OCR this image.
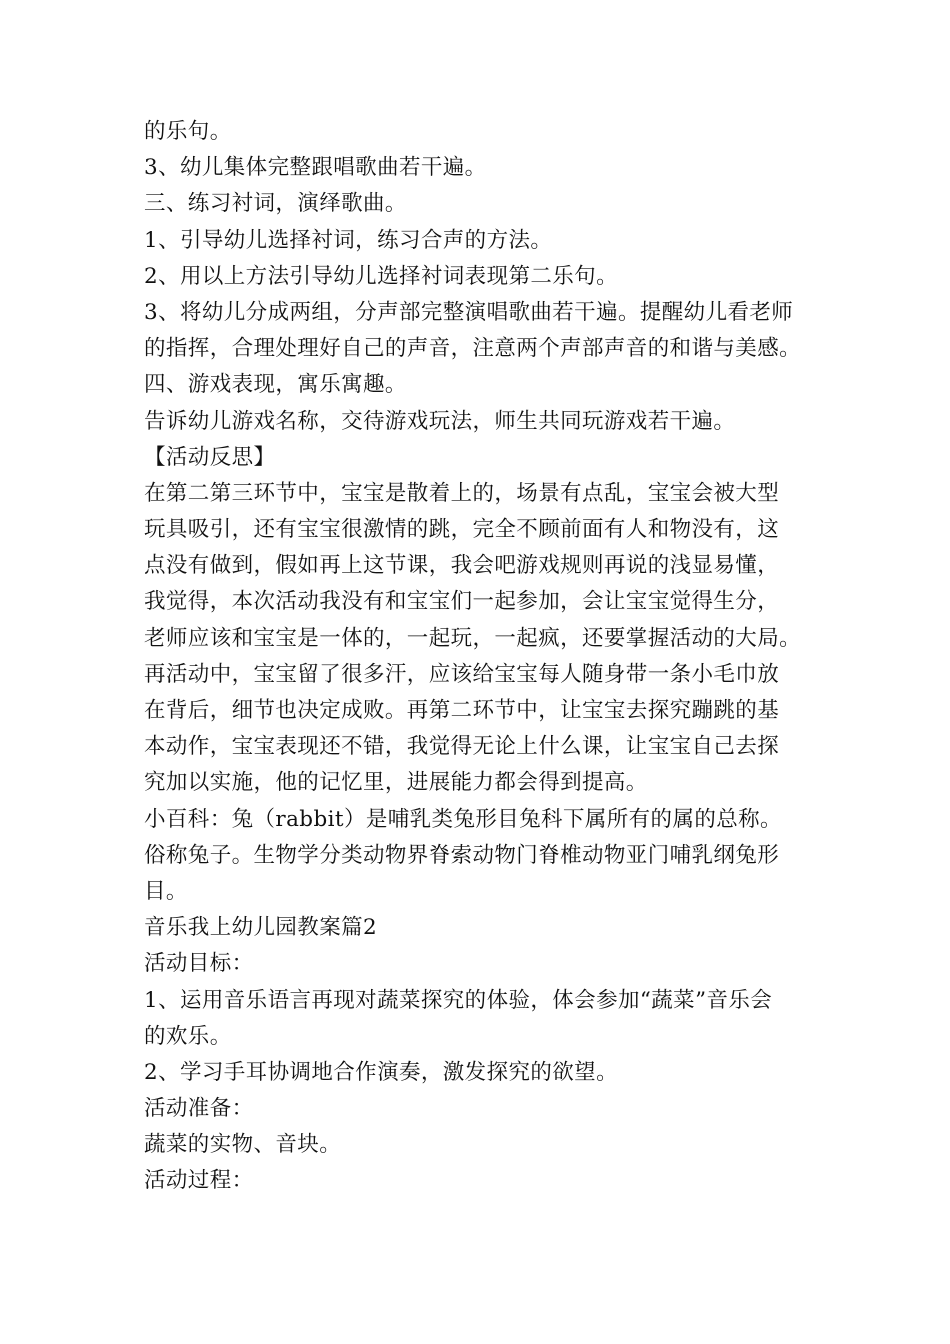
的乐句。
3、幼儿集体完整跟唱歌曲若干遍。
三、练习衬词，演绎歌曲。
1、引导幼儿选择衬词，练习合声的方法。
2、用以上方法引导幼儿选择衬词表现第二乐句。
3、将幼儿分成两组，分声部完整演唱歌曲若干遍。提醒幼儿看老师
的指挥，合理处理好自己的声音，注意两个声部声音的和谐与美感。
四、游戏表现，寓乐寓趣。
告诉幼儿游戏名称，交待游戏玩法，师生共同玩游戏若干遍。
【活动反思】
在第二第三环节中，宝宝是散着上的，场景有点乱，宝宝会被大型
玩具吸引，还有宝宝很激情的跳，完全不顾前面有人和物没有，这
点没有做到，假如再上这节课，我会吧游戏规则再说的浅显易懂，
我觉得，本次活动我没有和宝宝们一起参加，会让宝宝觉得生分，
老师应该和宝宝是一体的，一起玩，一起疯，还要掌握活动的大局。
再活动中，宝宝留了很多汗，应该给宝宝每人随身带一条小毛巾放
在背后，细节也决定成败。再第二环节中，让宝宝去探究蹦跳的基
本动作，宝宝表现还不错，我觉得无论上什么课，让宝宝自己去探
究加以实施，他的记忆里，进展能力都会得到提高。
小百科：兔（rabbit）是哺乳类兔形目兔科下属所有的属的总称。
俗称兔子。生物学分类动物界脊索动物门脊椎动物亚门哺乳纲兔形
目。
音乐我上幼儿园教案篇2
活动目标：
1、运用音乐语言再现对蔬菜探究的体验，体会参加“蔬菜”音乐会
的欢乐。
2、学习手耳协调地合作演奏，激发探究的欲望。
活动准备：
蔬菜的实物、音块。
活动过程：
